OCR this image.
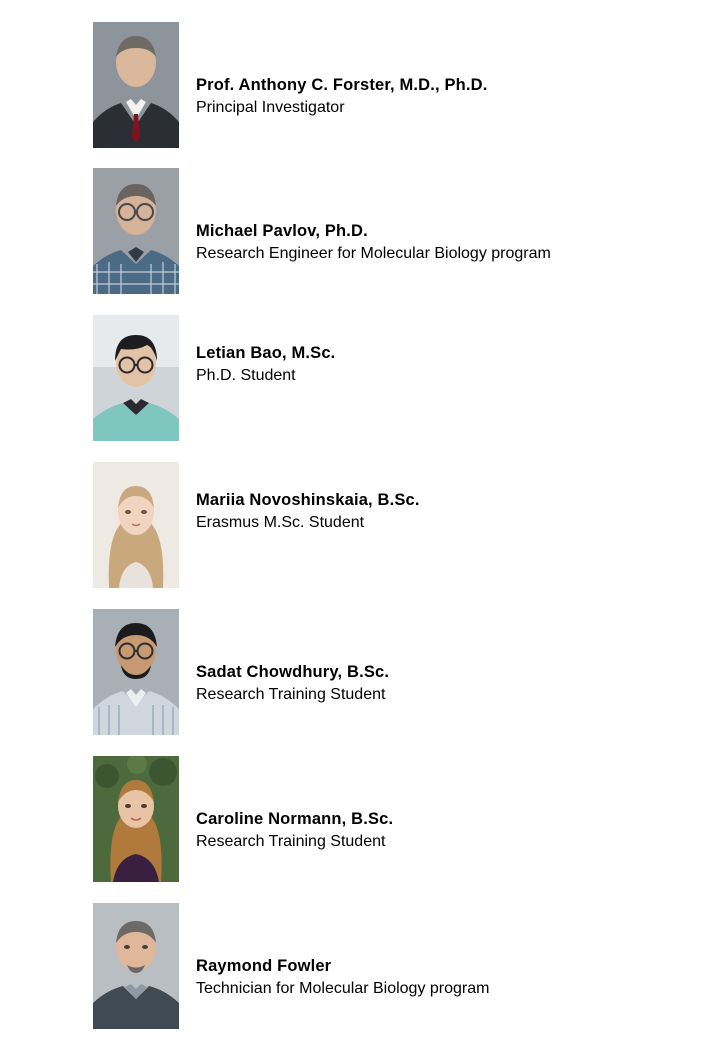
Prof. Anthony C. Forster, M.D., Ph.D.

Principal Investigator

Michael Pavlov, Ph.D.

Research Engineer for Molecular Biology program

Letian Bao, M.Sc.

Ph.D. Student

Mariia Novoshinskaia, B.Sc.

Erasmus M.Sc. Student

Sadat Chowdhury, B.Sc.

Research Training Student

Caroline Normann, B.Sc.

Research Training Student

Raymond Fowler

Technician for Molecular Biology program
